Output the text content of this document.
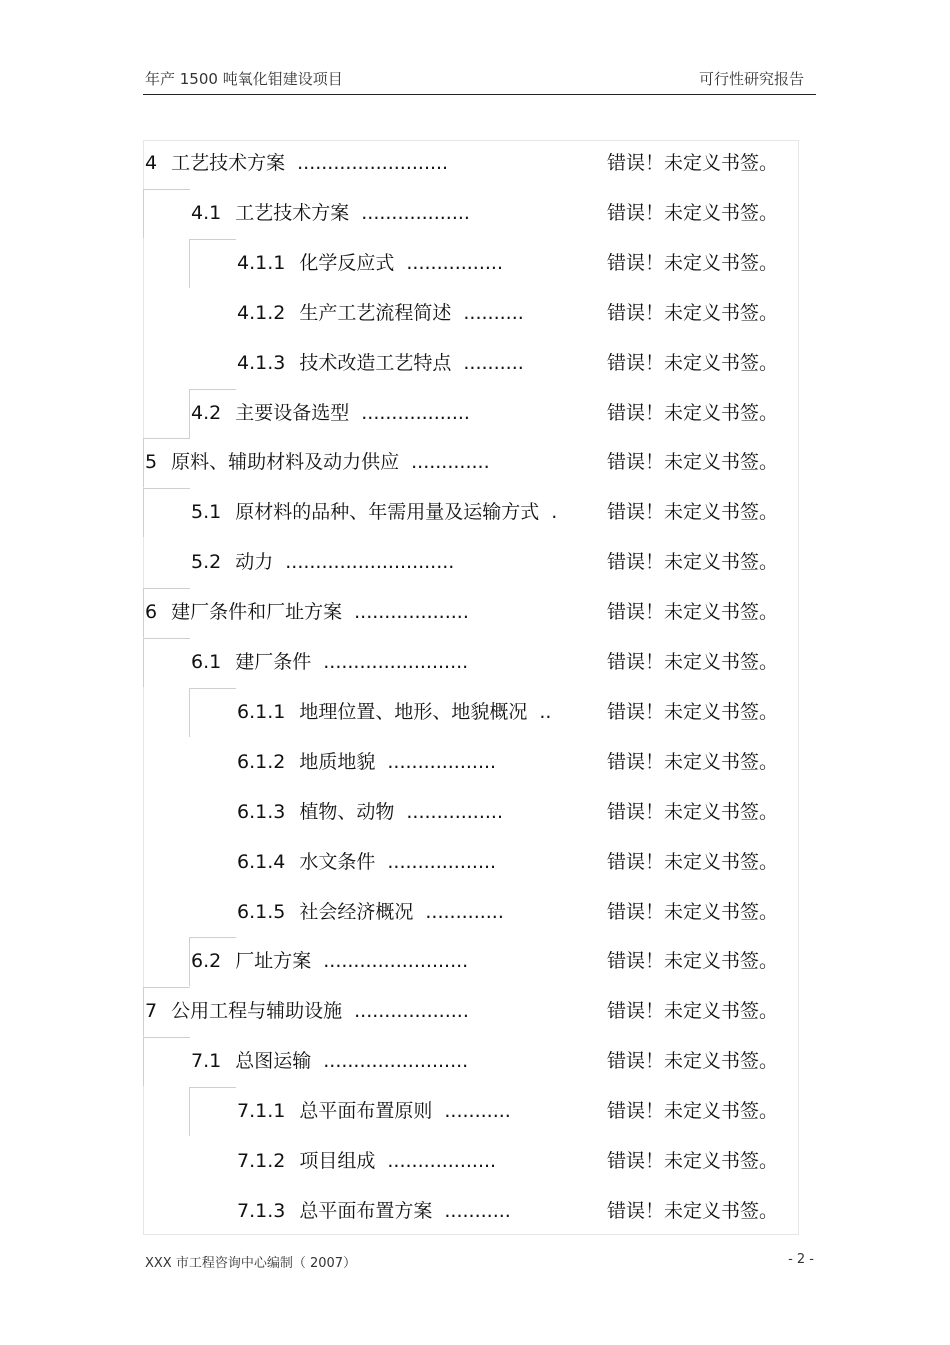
年产 1500 吨氧化钼建设项目	可行性研究报告
4 工艺技术方案 .........................	错误！未定义书签。
4.1 工艺技术方案 ..................	错误！未定义书签。
4.1.1 化学反应式 ................	错误！未定义书签。
4.1.2 生产工艺流程简述 ..........	错误！未定义书签。
4.1.3 技术改造工艺特点 ..........	错误！未定义书签。
4.2 主要设备选型 ..................	错误！未定义书签。
5 原料、辅助材料及动力供应 .............	错误！未定义书签。
5.1 原材料的品种、年需用量及运输方式 .	错误！未定义书签。
5.2 动力 ............................	错误！未定义书签。
6 建厂条件和厂址方案 ...................	错误！未定义书签。
6.1 建厂条件 ........................	错误！未定义书签。
6.1.1 地理位置、地形、地貌概况 ..	错误！未定义书签。
6.1.2 地质地貌 ..................	错误！未定义书签。
6.1.3 植物、动物 ................	错误！未定义书签。
6.1.4 水文条件 ..................	错误！未定义书签。
6.1.5 社会经济概况 .............	错误！未定义书签。
6.2 厂址方案 ........................	错误！未定义书签。
7 公用工程与辅助设施 ...................	错误！未定义书签。
7.1 总图运输 ........................	错误！未定义书签。
7.1.1 总平面布置原则 ...........	错误！未定义书签。
7.1.2 项目组成 ..................	错误！未定义书签。
7.1.3 总平面布置方案 ...........	错误！未定义书签。
XXX 市工程咨询中心编制（ 2007）	- 2 -
